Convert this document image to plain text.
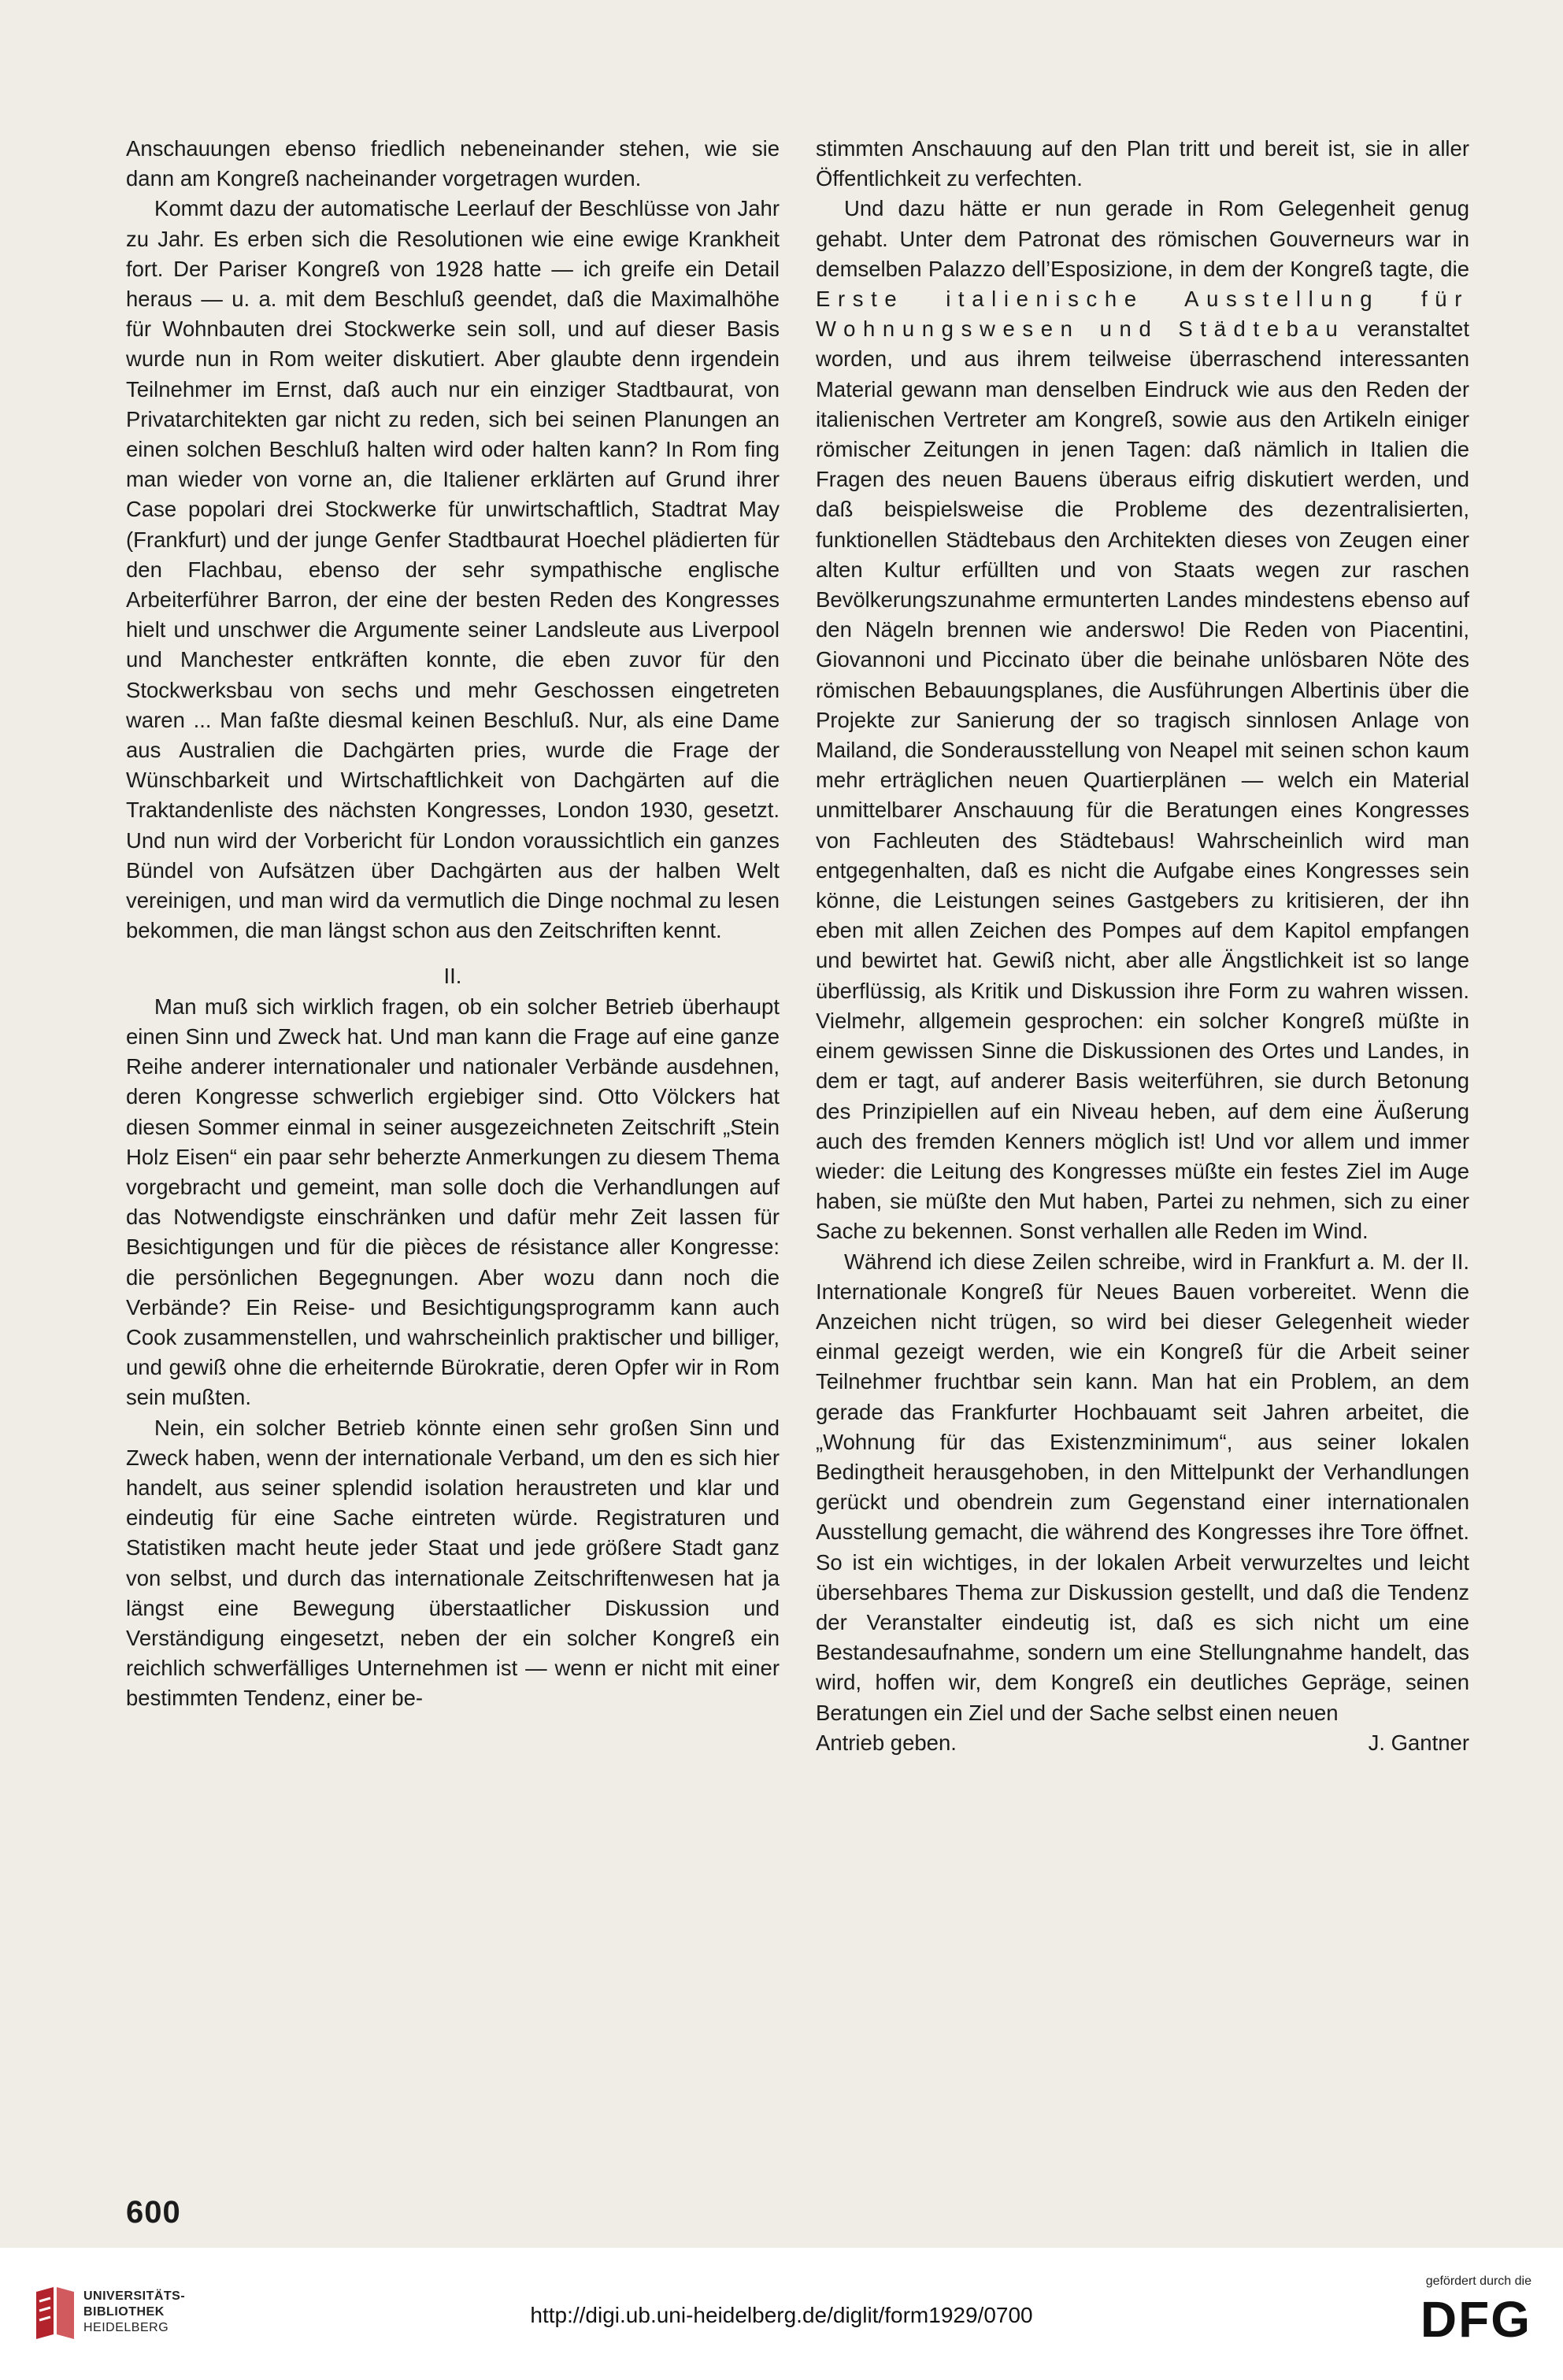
Anschauungen ebenso friedlich nebeneinander stehen, wie sie dann am Kongreß nacheinander vorgetragen wurden.

Kommt dazu der automatische Leerlauf der Beschlüsse von Jahr zu Jahr. Es erben sich die Resolutionen wie eine ewige Krankheit fort. Der Pariser Kongreß von 1928 hatte — ich greife ein Detail heraus — u. a. mit dem Beschluß geendet, daß die Maximalhöhe für Wohnbauten drei Stockwerke sein soll, und auf dieser Basis wurde nun in Rom weiter diskutiert. Aber glaubte denn irgendein Teilnehmer im Ernst, daß auch nur ein einziger Stadtbaurat, von Privatarchitekten gar nicht zu reden, sich bei seinen Planungen an einen solchen Beschluß halten wird oder halten kann? In Rom fing man wieder von vorne an, die Italiener erklärten auf Grund ihrer Case popolari drei Stockwerke für unwirtschaftlich, Stadtrat May (Frankfurt) und der junge Genfer Stadtbaurat Hoechel plädierten für den Flachbau, ebenso der sehr sympathische englische Arbeiterführer Barron, der eine der besten Reden des Kongresses hielt und unschwer die Argumente seiner Landsleute aus Liverpool und Manchester entkräften konnte, die eben zuvor für den Stockwerksbau von sechs und mehr Geschossen eingetreten waren ... Man faßte diesmal keinen Beschluß. Nur, als eine Dame aus Australien die Dachgärten pries, wurde die Frage der Wünschbarkeit und Wirtschaftlichkeit von Dachgärten auf die Traktandenliste des nächsten Kongresses, London 1930, gesetzt. Und nun wird der Vorbericht für London voraussichtlich ein ganzes Bündel von Aufsätzen über Dachgärten aus der halben Welt vereinigen, und man wird da vermutlich die Dinge nochmal zu lesen bekommen, die man längst schon aus den Zeitschriften kennt.

II.

Man muß sich wirklich fragen, ob ein solcher Betrieb überhaupt einen Sinn und Zweck hat. Und man kann die Frage auf eine ganze Reihe anderer internationaler und nationaler Verbände ausdehnen, deren Kongresse schwerlich ergiebiger sind. Otto Völckers hat diesen Sommer einmal in seiner ausgezeichneten Zeitschrift „Stein Holz Eisen“ ein paar sehr beherzte Anmerkungen zu diesem Thema vorgebracht und gemeint, man solle doch die Verhandlungen auf das Notwendigste einschränken und dafür mehr Zeit lassen für Besichtigungen und für die pièces de résistance aller Kongresse: die persönlichen Begegnungen. Aber wozu dann noch die Verbände? Ein Reise- und Besichtigungsprogramm kann auch Cook zusammenstellen, und wahrscheinlich praktischer und billiger, und gewiß ohne die erheiternde Bürokratie, deren Opfer wir in Rom sein mußten.

Nein, ein solcher Betrieb könnte einen sehr großen Sinn und Zweck haben, wenn der internationale Verband, um den es sich hier handelt, aus seiner splendid isolation heraustreten und klar und eindeutig für eine Sache eintreten würde. Registraturen und Statistiken macht heute jeder Staat und jede größere Stadt ganz von selbst, und durch das internationale Zeitschriftenwesen hat ja längst eine Bewegung überstaatlicher Diskussion und Verständigung eingesetzt, neben der ein solcher Kongreß ein reichlich schwerfälliges Unternehmen ist — wenn er nicht mit einer bestimmten Tendenz, einer be-

stimmten Anschauung auf den Plan tritt und bereit ist, sie in aller Öffentlichkeit zu verfechten.

Und dazu hätte er nun gerade in Rom Gelegenheit genug gehabt. Unter dem Patronat des römischen Gouverneurs war in demselben Palazzo dell’Esposizione, in dem der Kongreß tagte, die Erste italienische Ausstellung für Wohnungswesen und Städtebau veranstaltet worden, und aus ihrem teilweise überraschend interessanten Material gewann man denselben Eindruck wie aus den Reden der italienischen Vertreter am Kongreß, sowie aus den Artikeln einiger römischer Zeitungen in jenen Tagen: daß nämlich in Italien die Fragen des neuen Bauens überaus eifrig diskutiert werden, und daß beispielsweise die Probleme des dezentralisierten, funktionellen Städtebaus den Architekten dieses von Zeugen einer alten Kultur erfüllten und von Staats wegen zur raschen Bevölkerungszunahme ermunterten Landes mindestens ebenso auf den Nägeln brennen wie anderswo! Die Reden von Piacentini, Giovannoni und Piccinato über die beinahe unlösbaren Nöte des römischen Bebauungsplanes, die Ausführungen Albertinis über die Projekte zur Sanierung der so tragisch sinnlosen Anlage von Mailand, die Sonderausstellung von Neapel mit seinen schon kaum mehr erträglichen neuen Quartierplänen — welch ein Material unmittelbarer Anschauung für die Beratungen eines Kongresses von Fachleuten des Städtebaus! Wahrscheinlich wird man entgegenhalten, daß es nicht die Aufgabe eines Kongresses sein könne, die Leistungen seines Gastgebers zu kritisieren, der ihn eben mit allen Zeichen des Pompes auf dem Kapitol empfangen und bewirtet hat. Gewiß nicht, aber alle Ängstlichkeit ist so lange überflüssig, als Kritik und Diskussion ihre Form zu wahren wissen. Vielmehr, allgemein gesprochen: ein solcher Kongreß müßte in einem gewissen Sinne die Diskussionen des Ortes und Landes, in dem er tagt, auf anderer Basis weiterführen, sie durch Betonung des Prinzipiellen auf ein Niveau heben, auf dem eine Äußerung auch des fremden Kenners möglich ist! Und vor allem und immer wieder: die Leitung des Kongresses müßte ein festes Ziel im Auge haben, sie müßte den Mut haben, Partei zu nehmen, sich zu einer Sache zu bekennen. Sonst verhallen alle Reden im Wind.

Während ich diese Zeilen schreibe, wird in Frankfurt a. M. der II. Internationale Kongreß für Neues Bauen vorbereitet. Wenn die Anzeichen nicht trügen, so wird bei dieser Gelegenheit wieder einmal gezeigt werden, wie ein Kongreß für die Arbeit seiner Teilnehmer fruchtbar sein kann. Man hat ein Problem, an dem gerade das Frankfurter Hochbauamt seit Jahren arbeitet, die „Wohnung für das Existenzminimum“, aus seiner lokalen Bedingtheit herausgehoben, in den Mittelpunkt der Verhandlungen gerückt und obendrein zum Gegenstand einer internationalen Ausstellung gemacht, die während des Kongresses ihre Tore öffnet. So ist ein wichtiges, in der lokalen Arbeit verwurzeltes und leicht übersehbares Thema zur Diskussion gestellt, und daß die Tendenz der Veranstalter eindeutig ist, daß es sich nicht um eine Bestandesaufnahme, sondern um eine Stellungnahme handelt, das wird, hoffen wir, dem Kongreß ein deutliches Gepräge, seinen Beratungen ein Ziel und der Sache selbst einen neuen

Antrieb geben.	J. Gantner

600
UNIVERSITÄTS-
BIBLIOTHEK
HEIDELBERG
http://digi.ub.uni-heidelberg.de/diglit/form1929/0700
gefördert durch die
DFG
